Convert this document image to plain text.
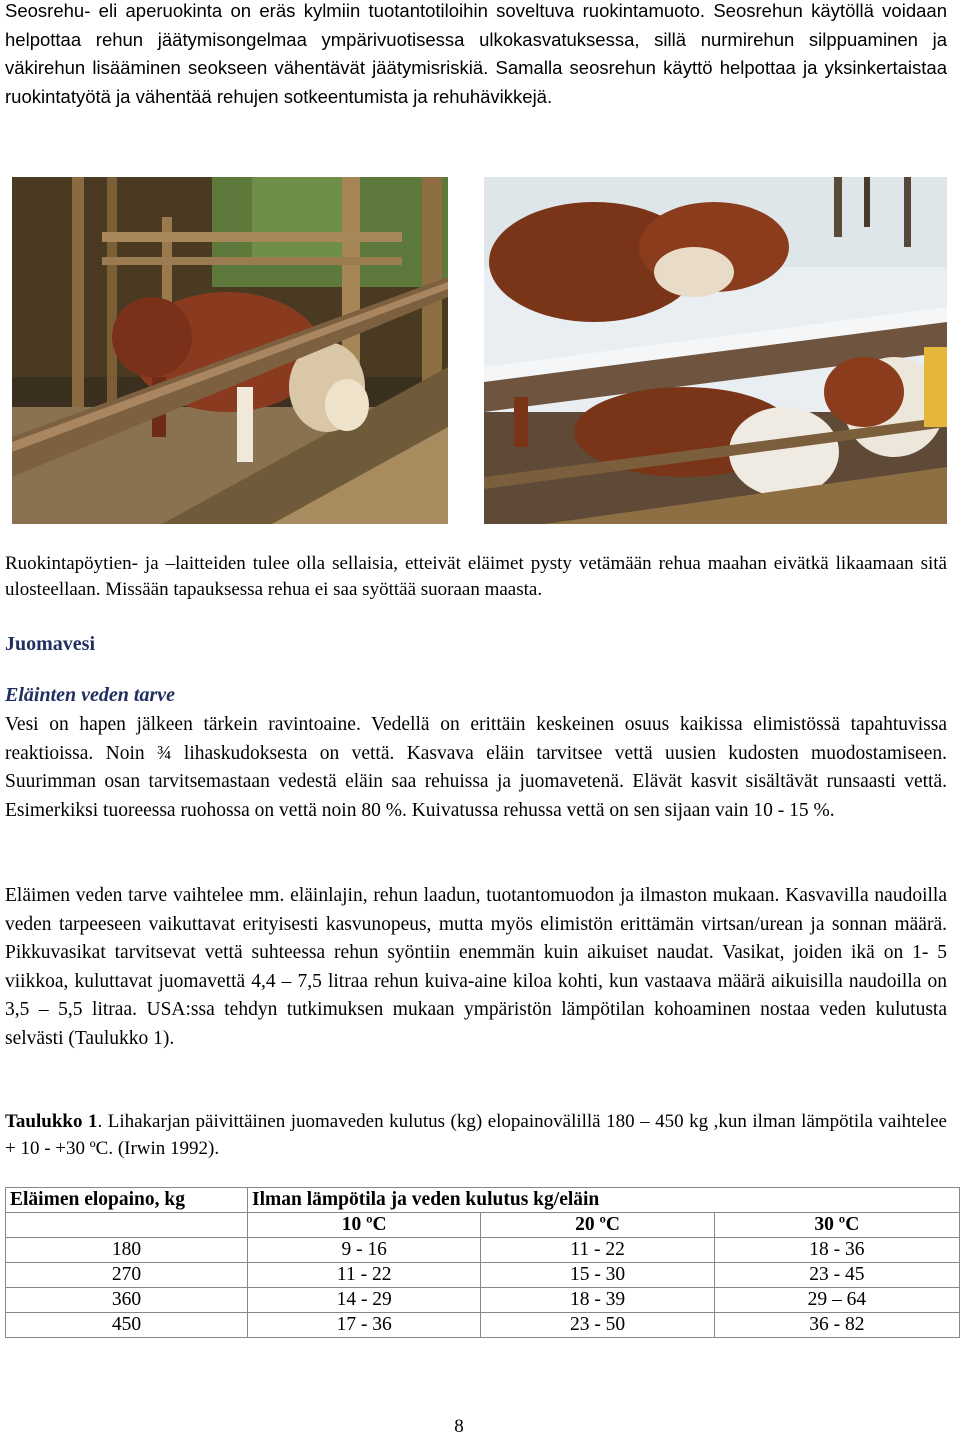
Seosrehu- eli aperuokinta on eräs kylmiin tuotantotiloihin soveltuva ruokintamuoto. Seosrehun käytöllä voidaan helpottaa rehun jäätymisongelmaa ympärivuotisessa ulkokasvatuksessa, sillä nurmirehun silppuaminen ja väkirehun lisääminen seokseen vähentävät jäätymisriskiä. Samalla seosrehun käyttö helpottaa ja yksinkertaistaa ruokintatyötä ja vähentää rehujen sotkeentumista ja rehuhävikkejä.

Ruokintapöytien- ja –laitteiden tulee olla sellaisia, etteivät eläimet pysty vetämään rehua maahan eivätkä likaamaan sitä ulosteellaan. Missään tapauksessa rehua ei saa syöttää suoraan maasta.

Juomavesi
Eläinten veden tarve

Vesi on hapen jälkeen tärkein ravintoaine. Vedellä on erittäin keskeinen osuus kaikissa elimistössä tapahtuvissa reaktioissa. Noin ¾ lihaskudoksesta on vettä. Kasvava eläin tarvitsee vettä uusien kudosten muodostamiseen. Suurimman osan tarvitsemastaan vedestä eläin saa rehuissa ja juomavetenä. Elävät kasvit sisältävät runsaasti vettä. Esimerkiksi tuoreessa ruohossa on vettä noin 80 %. Kuivatussa rehussa vettä on sen sijaan vain 10 - 15 %.

Eläimen veden tarve vaihtelee mm. eläinlajin, rehun laadun, tuotantomuodon ja ilmaston mukaan. Kasvavilla naudoilla veden tarpeeseen vaikuttavat erityisesti kasvunopeus, mutta myös elimistön erittämän virtsan/urean ja sonnan määrä. Pikkuvasikat tarvitsevat vettä suhteessa rehun syöntiin enemmän kuin aikuiset naudat. Vasikat, joiden ikä on 1- 5 viikkoa, kuluttavat juomavettä 4,4 – 7,5 litraa rehun kuiva-aine kiloa kohti, kun vastaava määrä aikuisilla naudoilla on 3,5 – 5,5 litraa. USA:ssa tehdyn tutkimuksen mukaan ympäristön lämpötilan kohoaminen nostaa veden kulutusta selvästi (Taulukko 1).

Taulukko 1. Lihakarjan päivittäinen juomaveden kulutus (kg) elopainovälillä 180 – 450 kg ,kun ilman lämpötila vaihtelee + 10 - +30 ºC. (Irwin 1992).

Eläimen elopaino, kg	Ilman lämpötila ja veden kulutus kg/eläin		
	10 ºC	20 ºC	30 ºC
180	9 - 16	11 - 22	18 - 36
270	11 - 22	15 - 30	23 - 45
360	14 - 29	18 - 39	29 – 64
450	17 - 36	23 - 50	36 - 82
8
